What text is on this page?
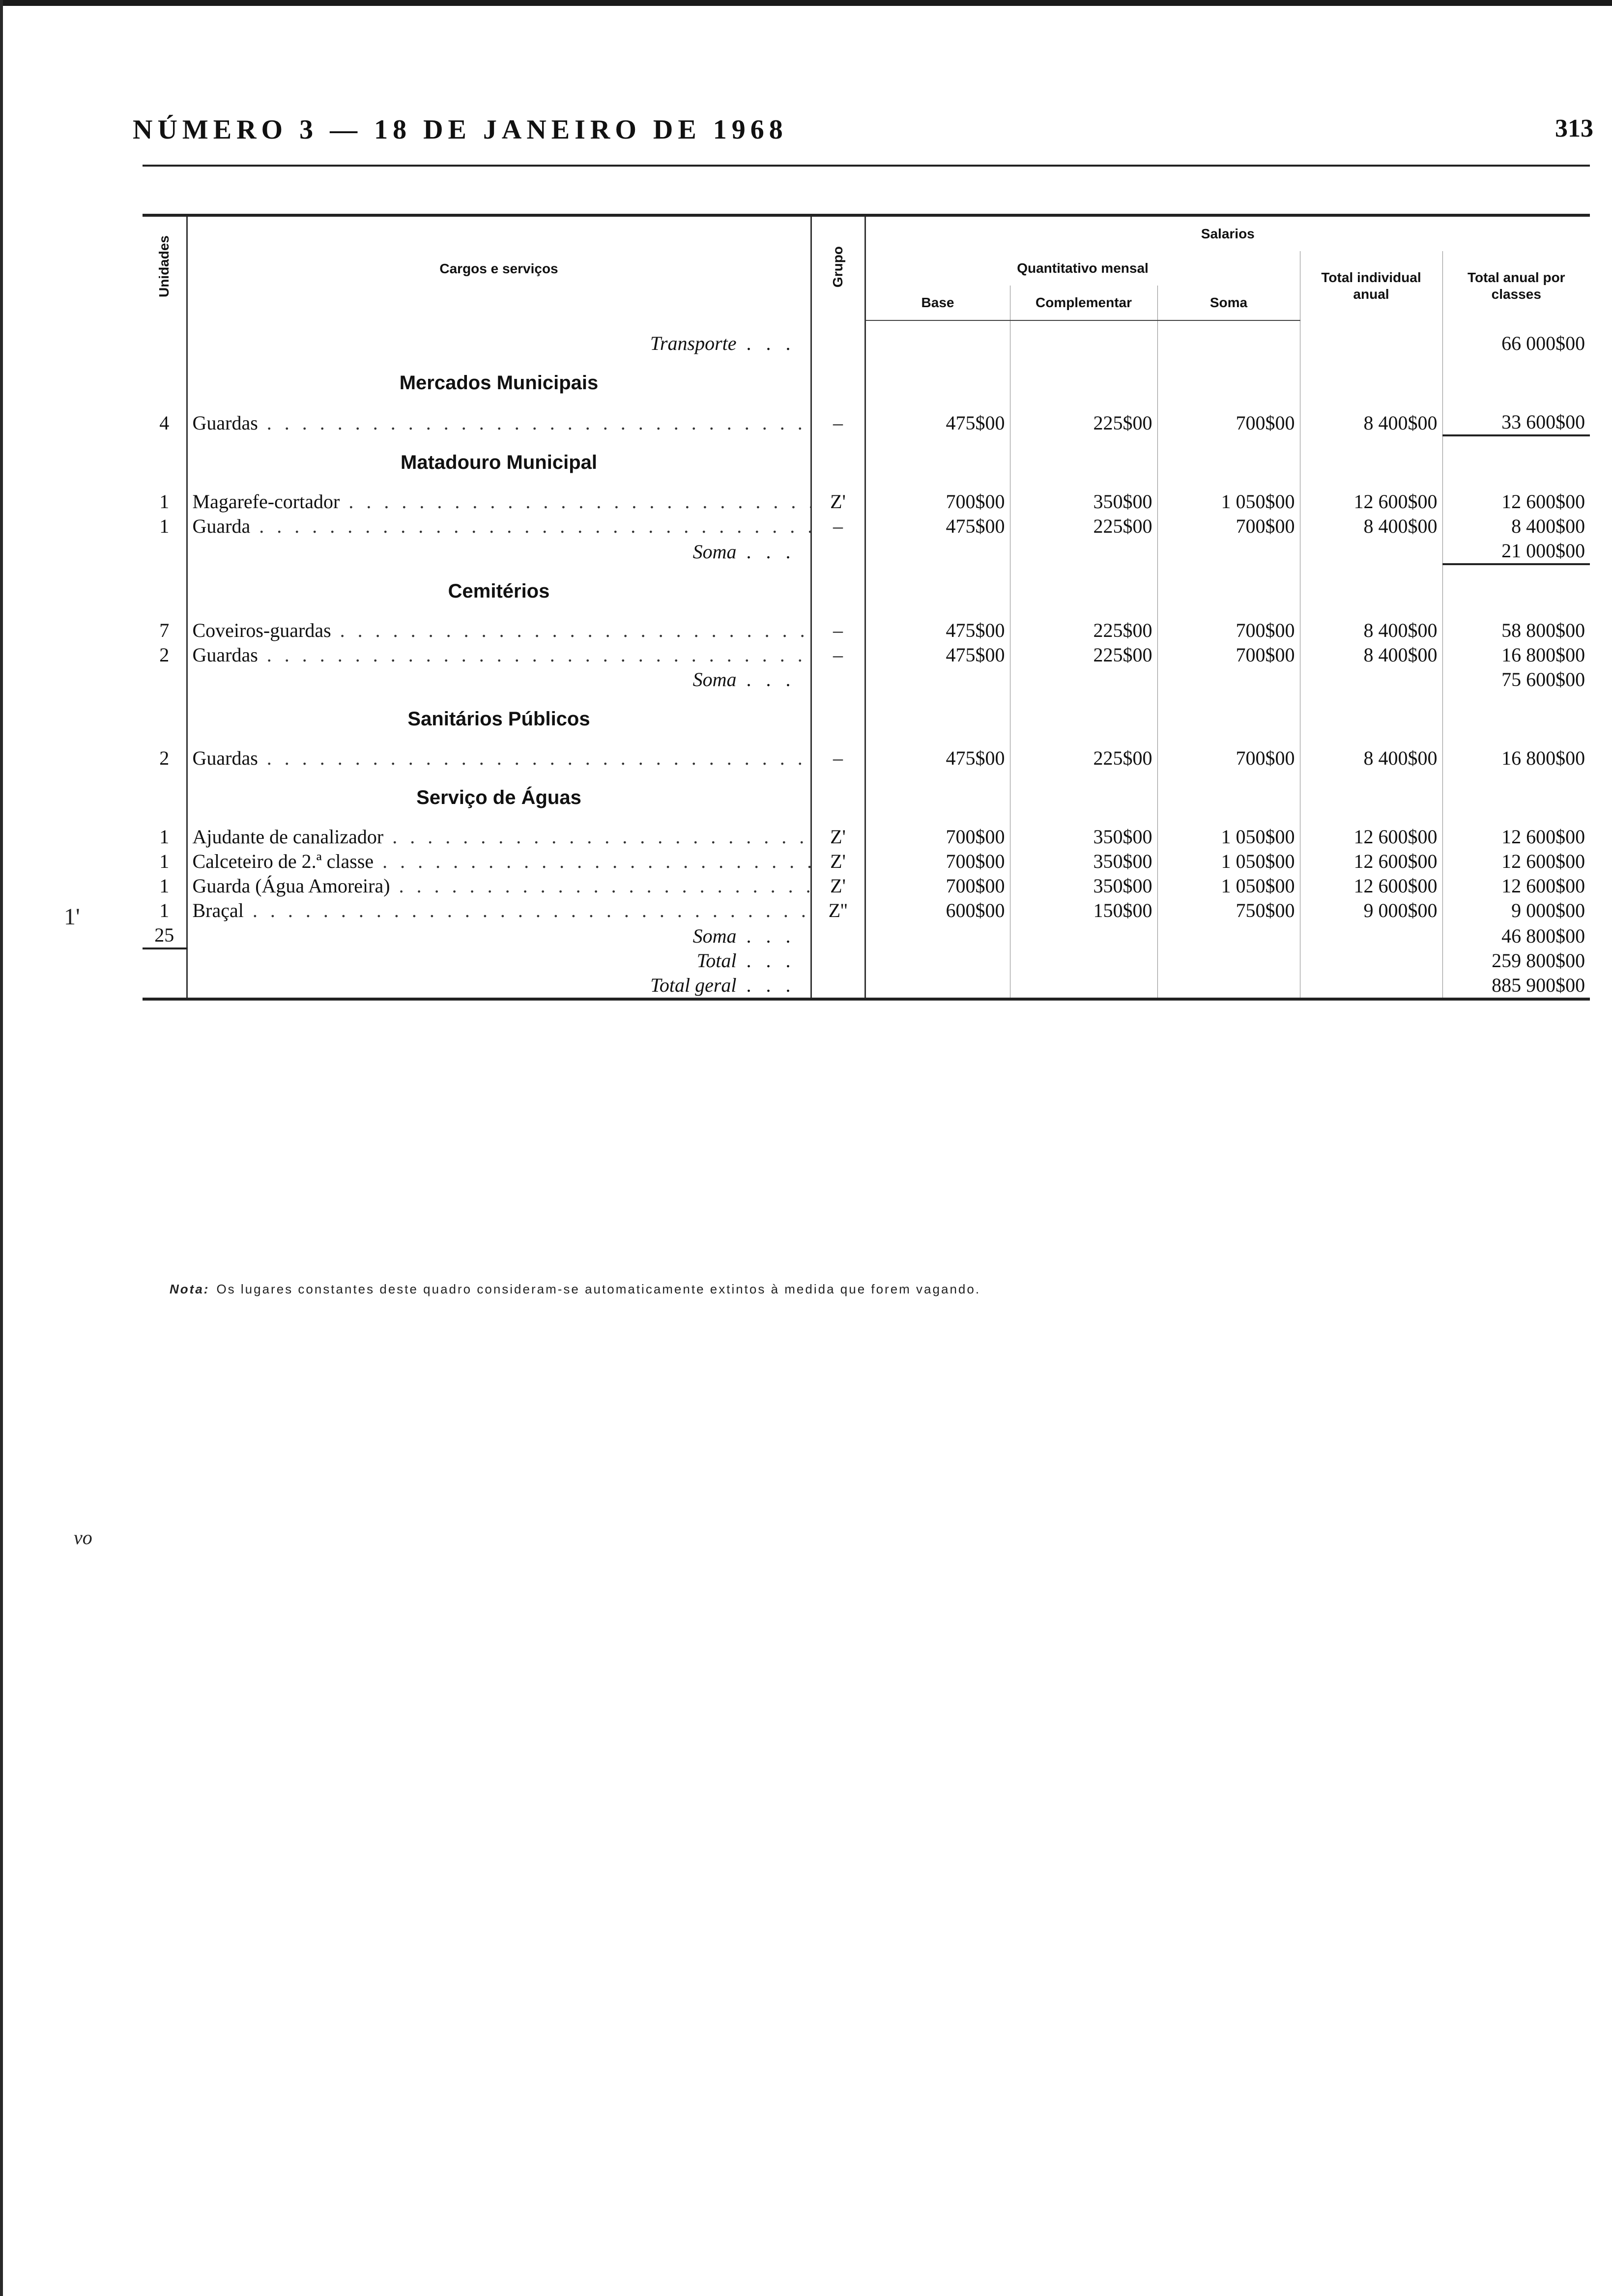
NÚMERO 3 — 18 DE JANEIRO DE 1968	313
Unidades	Cargos e serviços	Grupo	Salarios				
			Quantitativo mensal			Total individual anual	Total anual por classes
			Base	Complementar	Soma		

	Transporte . . .						66 000$00
	Mercados Municipais						
4	Guardas . . .	–	475$00	225$00	700$00	8 400$00	33 600$00
	Matadouro Municipal						
1	Magarefe-cortador . . .	Z'	700$00	350$00	1 050$00	12 600$00	12 600$00
1	Guarda . . .	–	475$00	225$00	700$00	8 400$00	8 400$00
	Soma . . .						21 000$00
	Cemitérios						
7	Coveiros-guardas . . .	–	475$00	225$00	700$00	8 400$00	58 800$00
2	Guardas . . .	–	475$00	225$00	700$00	8 400$00	16 800$00
	Soma . . .						75 600$00
	Sanitários Públicos						
2	Guardas . . .	–	475$00	225$00	700$00	8 400$00	16 800$00
	Serviço de Águas						
1	Ajudante de canalizador . . .	Z'	700$00	350$00	1 050$00	12 600$00	12 600$00
1	Calceteiro de 2.ª classe . . .	Z'	700$00	350$00	1 050$00	12 600$00	12 600$00
1	Guarda (Água Amoreira) . . .	Z'	700$00	350$00	1 050$00	12 600$00	12 600$00
1	Braçal . . .	Z''	600$00	150$00	750$00	9 000$00	9 000$00
25	Soma . . .						46 800$00
	Total . . .						259 800$00
	Total geral . . .						885 900$00
Nota: Os lugares constantes deste quadro consideram-se automaticamente extintos à medida que forem vagando.
1'
vo
